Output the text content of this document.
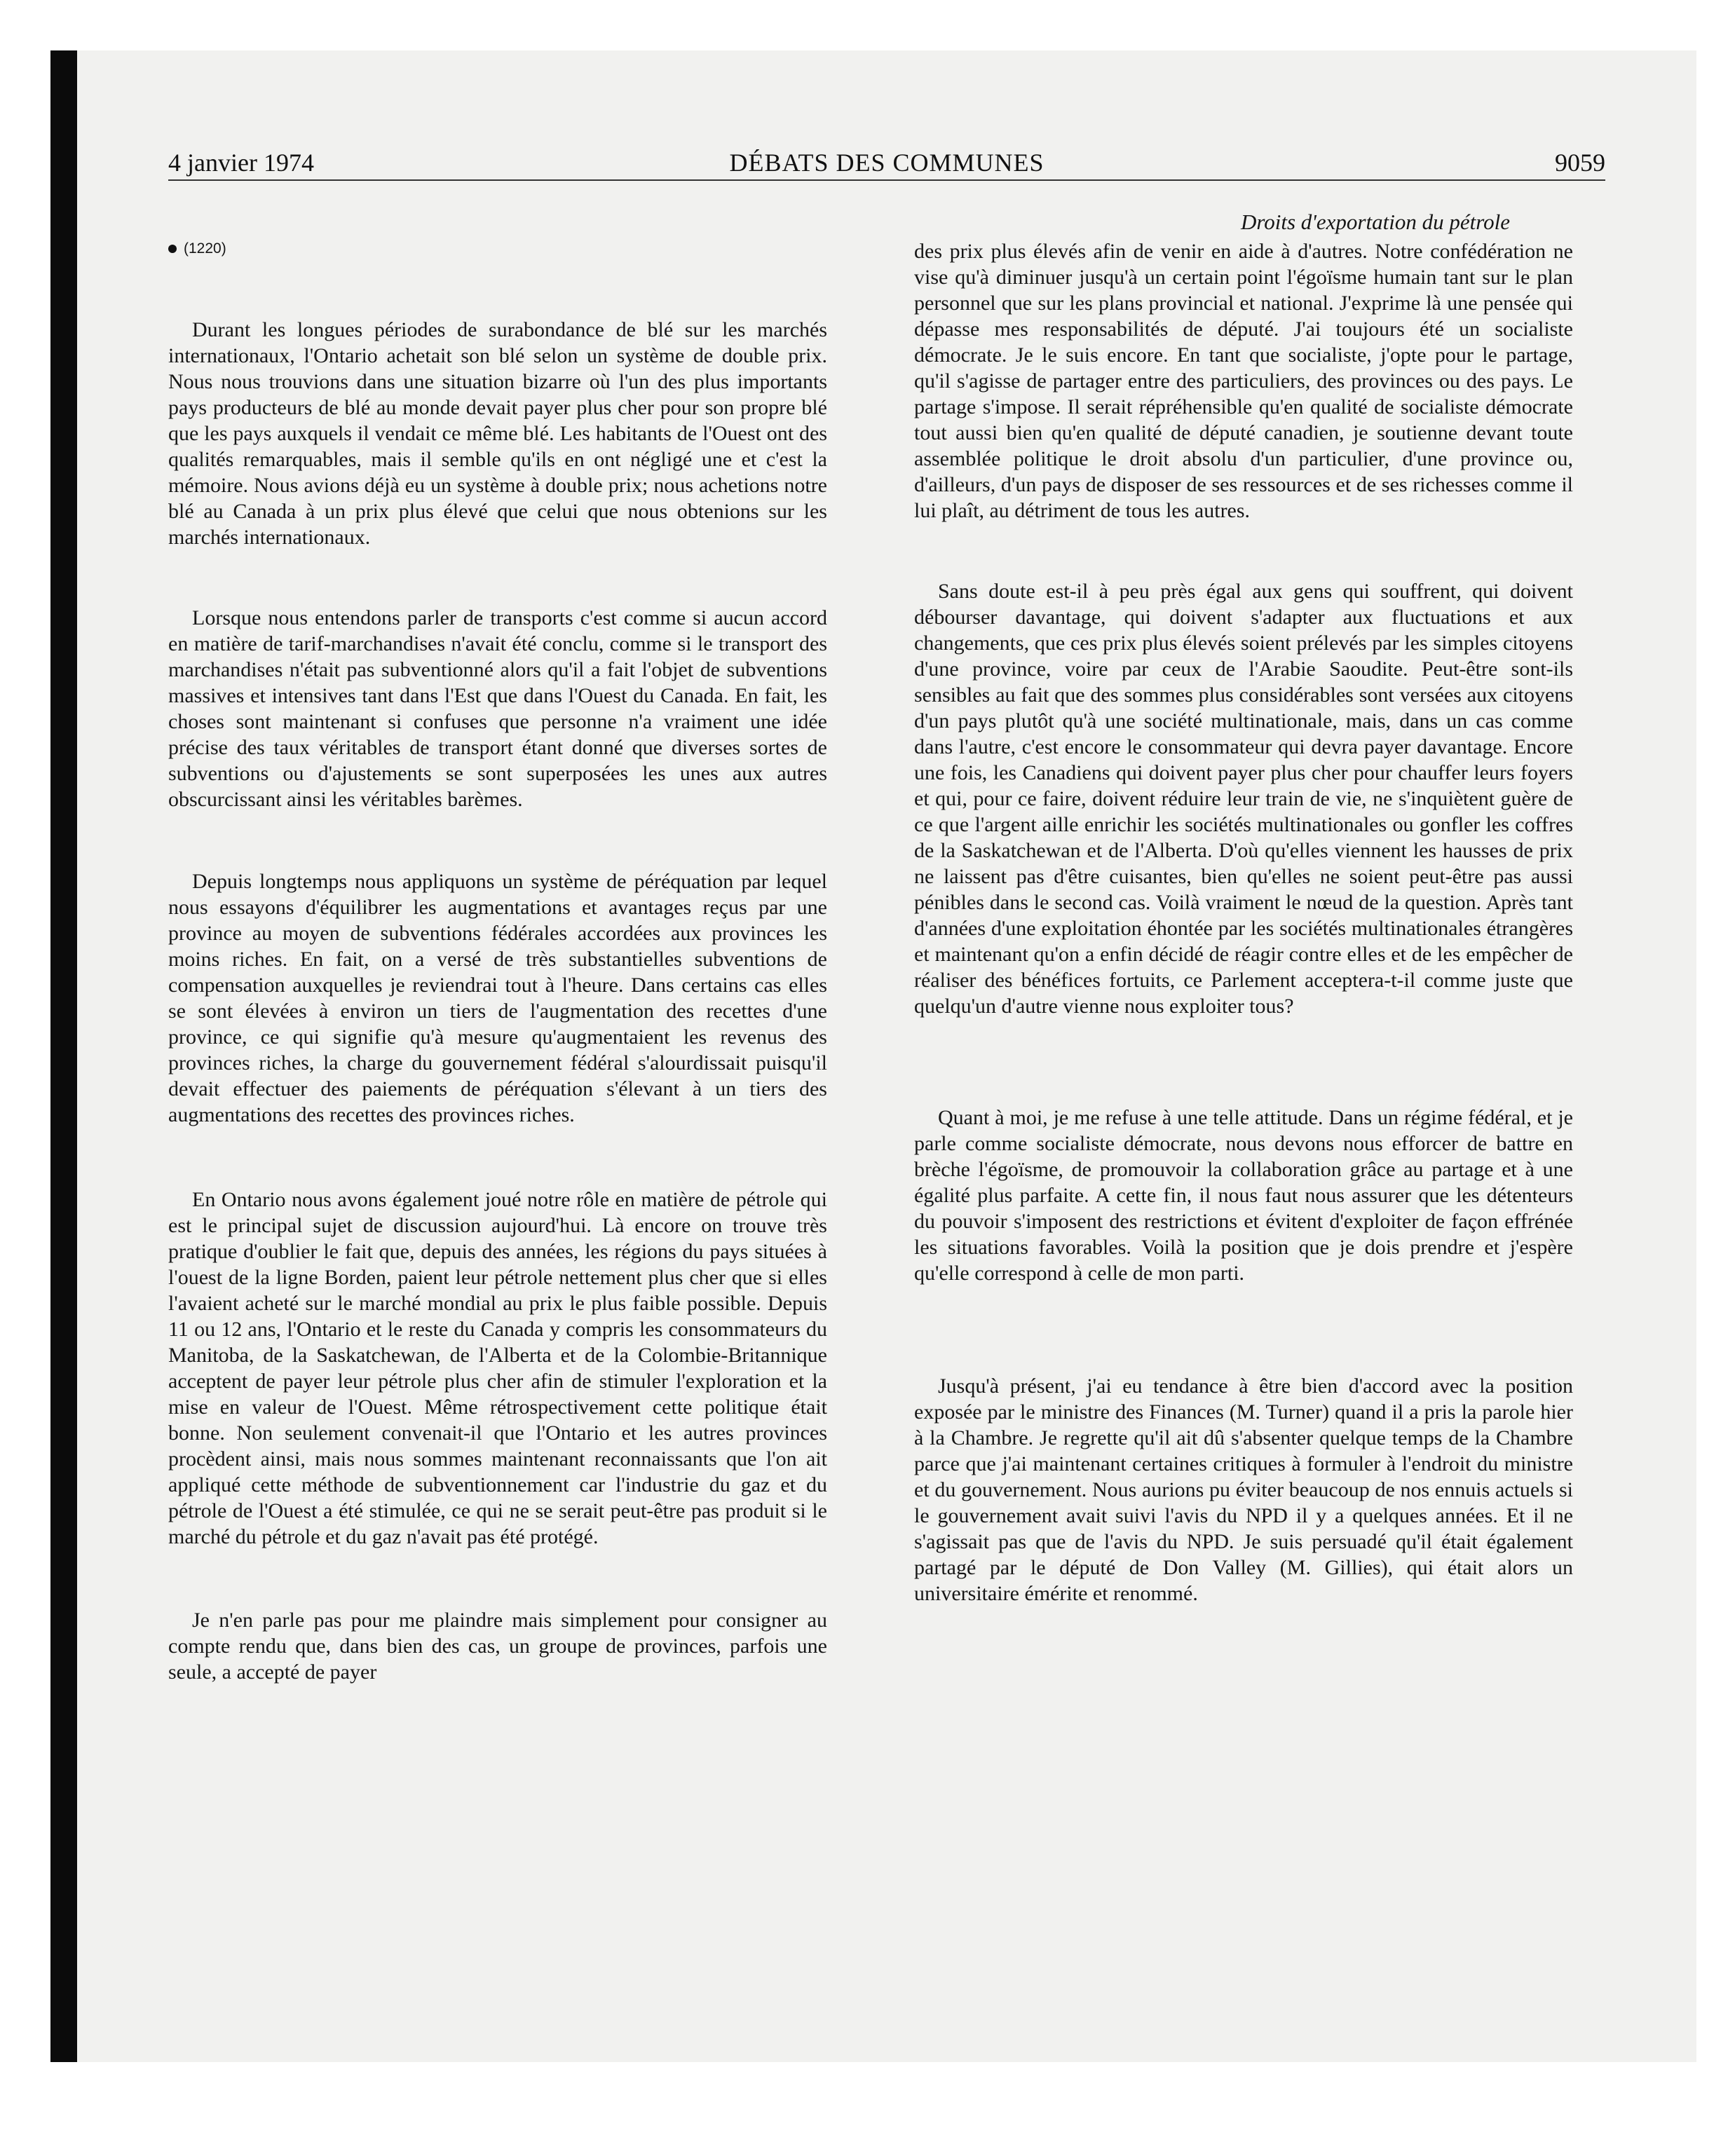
4 janvier 1974	DÉBATS DES COMMUNES	9059
(1220)

Durant les longues périodes de surabondance de blé sur les marchés internationaux, l'Ontario achetait son blé selon un système de double prix. Nous nous trouvions dans une situation bizarre où l'un des plus importants pays producteurs de blé au monde devait payer plus cher pour son propre blé que les pays auxquels il vendait ce même blé. Les habitants de l'Ouest ont des qualités remarquables, mais il semble qu'ils en ont négligé une et c'est la mémoire. Nous avions déjà eu un système à double prix; nous achetions notre blé au Canada à un prix plus élevé que celui que nous obtenions sur les marchés internationaux.

Lorsque nous entendons parler de transports c'est comme si aucun accord en matière de tarif-marchandises n'avait été conclu, comme si le transport des marchandises n'était pas subventionné alors qu'il a fait l'objet de subventions massives et intensives tant dans l'Est que dans l'Ouest du Canada. En fait, les choses sont maintenant si confuses que personne n'a vraiment une idée précise des taux véritables de transport étant donné que diverses sortes de subventions ou d'ajustements se sont superposées les unes aux autres obscurcissant ainsi les véritables barèmes.

Depuis longtemps nous appliquons un système de péréquation par lequel nous essayons d'équilibrer les augmentations et avantages reçus par une province au moyen de subventions fédérales accordées aux provinces les moins riches. En fait, on a versé de très substantielles subventions de compensation auxquelles je reviendrai tout à l'heure. Dans certains cas elles se sont élevées à environ un tiers de l'augmentation des recettes d'une province, ce qui signifie qu'à mesure qu'augmentaient les revenus des provinces riches, la charge du gouvernement fédéral s'alourdissait puisqu'il devait effectuer des paiements de péréquation s'élevant à un tiers des augmentations des recettes des provinces riches.

En Ontario nous avons également joué notre rôle en matière de pétrole qui est le principal sujet de discussion aujourd'hui. Là encore on trouve très pratique d'oublier le fait que, depuis des années, les régions du pays situées à l'ouest de la ligne Borden, paient leur pétrole nettement plus cher que si elles l'avaient acheté sur le marché mondial au prix le plus faible possible. Depuis 11 ou 12 ans, l'Ontario et le reste du Canada y compris les consommateurs du Manitoba, de la Saskatchewan, de l'Alberta et de la Colombie-Britannique acceptent de payer leur pétrole plus cher afin de stimuler l'exploration et la mise en valeur de l'Ouest. Même rétrospectivement cette politique était bonne. Non seulement convenait-il que l'Ontario et les autres provinces procèdent ainsi, mais nous sommes maintenant reconnaissants que l'on ait appliqué cette méthode de subventionnement car l'industrie du gaz et du pétrole de l'Ouest a été stimulée, ce qui ne se serait peut-être pas produit si le marché du pétrole et du gaz n'avait pas été protégé.

Je n'en parle pas pour me plaindre mais simplement pour consigner au compte rendu que, dans bien des cas, un groupe de provinces, parfois une seule, a accepté de payer

Droits d'exportation du pétrole

des prix plus élevés afin de venir en aide à d'autres. Notre confédération ne vise qu'à diminuer jusqu'à un certain point l'égoïsme humain tant sur le plan personnel que sur les plans provincial et national. J'exprime là une pensée qui dépasse mes responsabilités de député. J'ai toujours été un socialiste démocrate. Je le suis encore. En tant que socialiste, j'opte pour le partage, qu'il s'agisse de partager entre des particuliers, des provinces ou des pays. Le partage s'impose. Il serait répréhensible qu'en qualité de socialiste démocrate tout aussi bien qu'en qualité de député canadien, je soutienne devant toute assemblée politique le droit absolu d'un particulier, d'une province ou, d'ailleurs, d'un pays de disposer de ses ressources et de ses richesses comme il lui plaît, au détriment de tous les autres.

Sans doute est-il à peu près égal aux gens qui souffrent, qui doivent débourser davantage, qui doivent s'adapter aux fluctuations et aux changements, que ces prix plus élevés soient prélevés par les simples citoyens d'une province, voire par ceux de l'Arabie Saoudite. Peut-être sont-ils sensibles au fait que des sommes plus considérables sont versées aux citoyens d'un pays plutôt qu'à une société multinationale, mais, dans un cas comme dans l'autre, c'est encore le consommateur qui devra payer davantage. Encore une fois, les Canadiens qui doivent payer plus cher pour chauffer leurs foyers et qui, pour ce faire, doivent réduire leur train de vie, ne s'inquiètent guère de ce que l'argent aille enrichir les sociétés multinationales ou gonfler les coffres de la Saskatchewan et de l'Alberta. D'où qu'elles viennent les hausses de prix ne laissent pas d'être cuisantes, bien qu'elles ne soient peut-être pas aussi pénibles dans le second cas. Voilà vraiment le nœud de la question. Après tant d'années d'une exploitation éhontée par les sociétés multinationales étrangères et maintenant qu'on a enfin décidé de réagir contre elles et de les empêcher de réaliser des bénéfices fortuits, ce Parlement acceptera-t-il comme juste que quelqu'un d'autre vienne nous exploiter tous?

Quant à moi, je me refuse à une telle attitude. Dans un régime fédéral, et je parle comme socialiste démocrate, nous devons nous efforcer de battre en brèche l'égoïsme, de promouvoir la collaboration grâce au partage et à une égalité plus parfaite. A cette fin, il nous faut nous assurer que les détenteurs du pouvoir s'imposent des restrictions et évitent d'exploiter de façon effrénée les situations favorables. Voilà la position que je dois prendre et j'espère qu'elle correspond à celle de mon parti.

Jusqu'à présent, j'ai eu tendance à être bien d'accord avec la position exposée par le ministre des Finances (M. Turner) quand il a pris la parole hier à la Chambre. Je regrette qu'il ait dû s'absenter quelque temps de la Chambre parce que j'ai maintenant certaines critiques à formuler à l'endroit du ministre et du gouvernement. Nous aurions pu éviter beaucoup de nos ennuis actuels si le gouvernement avait suivi l'avis du NPD il y a quelques années. Et il ne s'agissait pas que de l'avis du NPD. Je suis persuadé qu'il était également partagé par le député de Don Valley (M. Gillies), qui était alors un universitaire émérite et renommé.
